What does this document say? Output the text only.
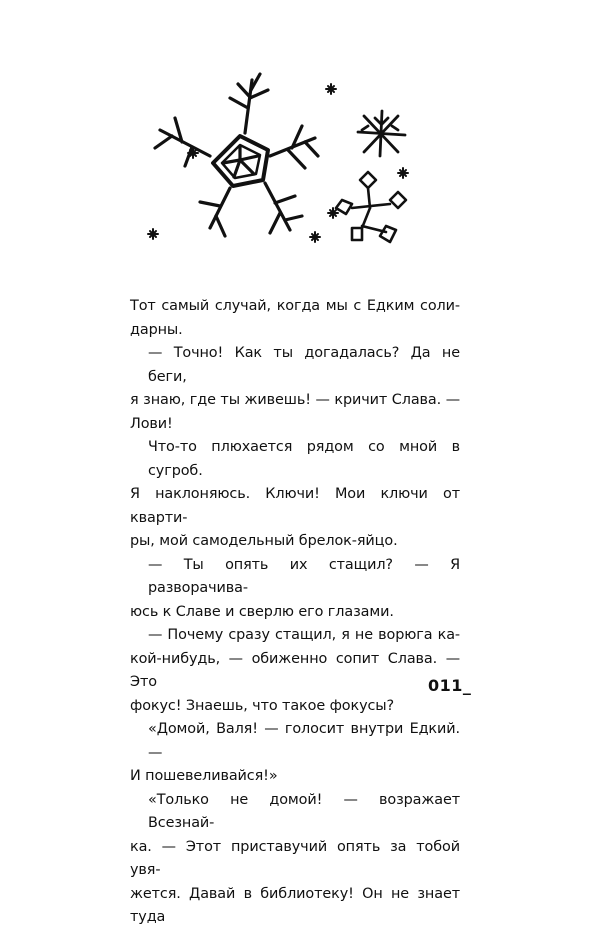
Тот самый случай, когда мы с Едким соли-
дарны.
— Точно! Как ты догадалась? Да не беги,
я знаю, где ты живешь! — кричит Слава. —
Лови!
Что-то плюхается рядом со мной в сугроб.
Я наклоняюсь. Ключи! Мои ключи от кварти-
ры, мой самодельный брелок-яйцо.
— Ты опять их стащил? — Я разворачива-
юсь к Славе и сверлю его глазами.
— Почему сразу стащил, я не ворюга ка-
кой-нибудь, — обиженно сопит Слава. — Это
фокус! Знаешь, что такое фокусы?
«Домой, Валя! — голосит внутри Едкий. —
И пошевеливайся!»
«Только не домой! — возражает Всезнай-
ка. — Этот приставучий опять за тобой увя-
жется. Давай в библиотеку! Он не знает туда
011_
